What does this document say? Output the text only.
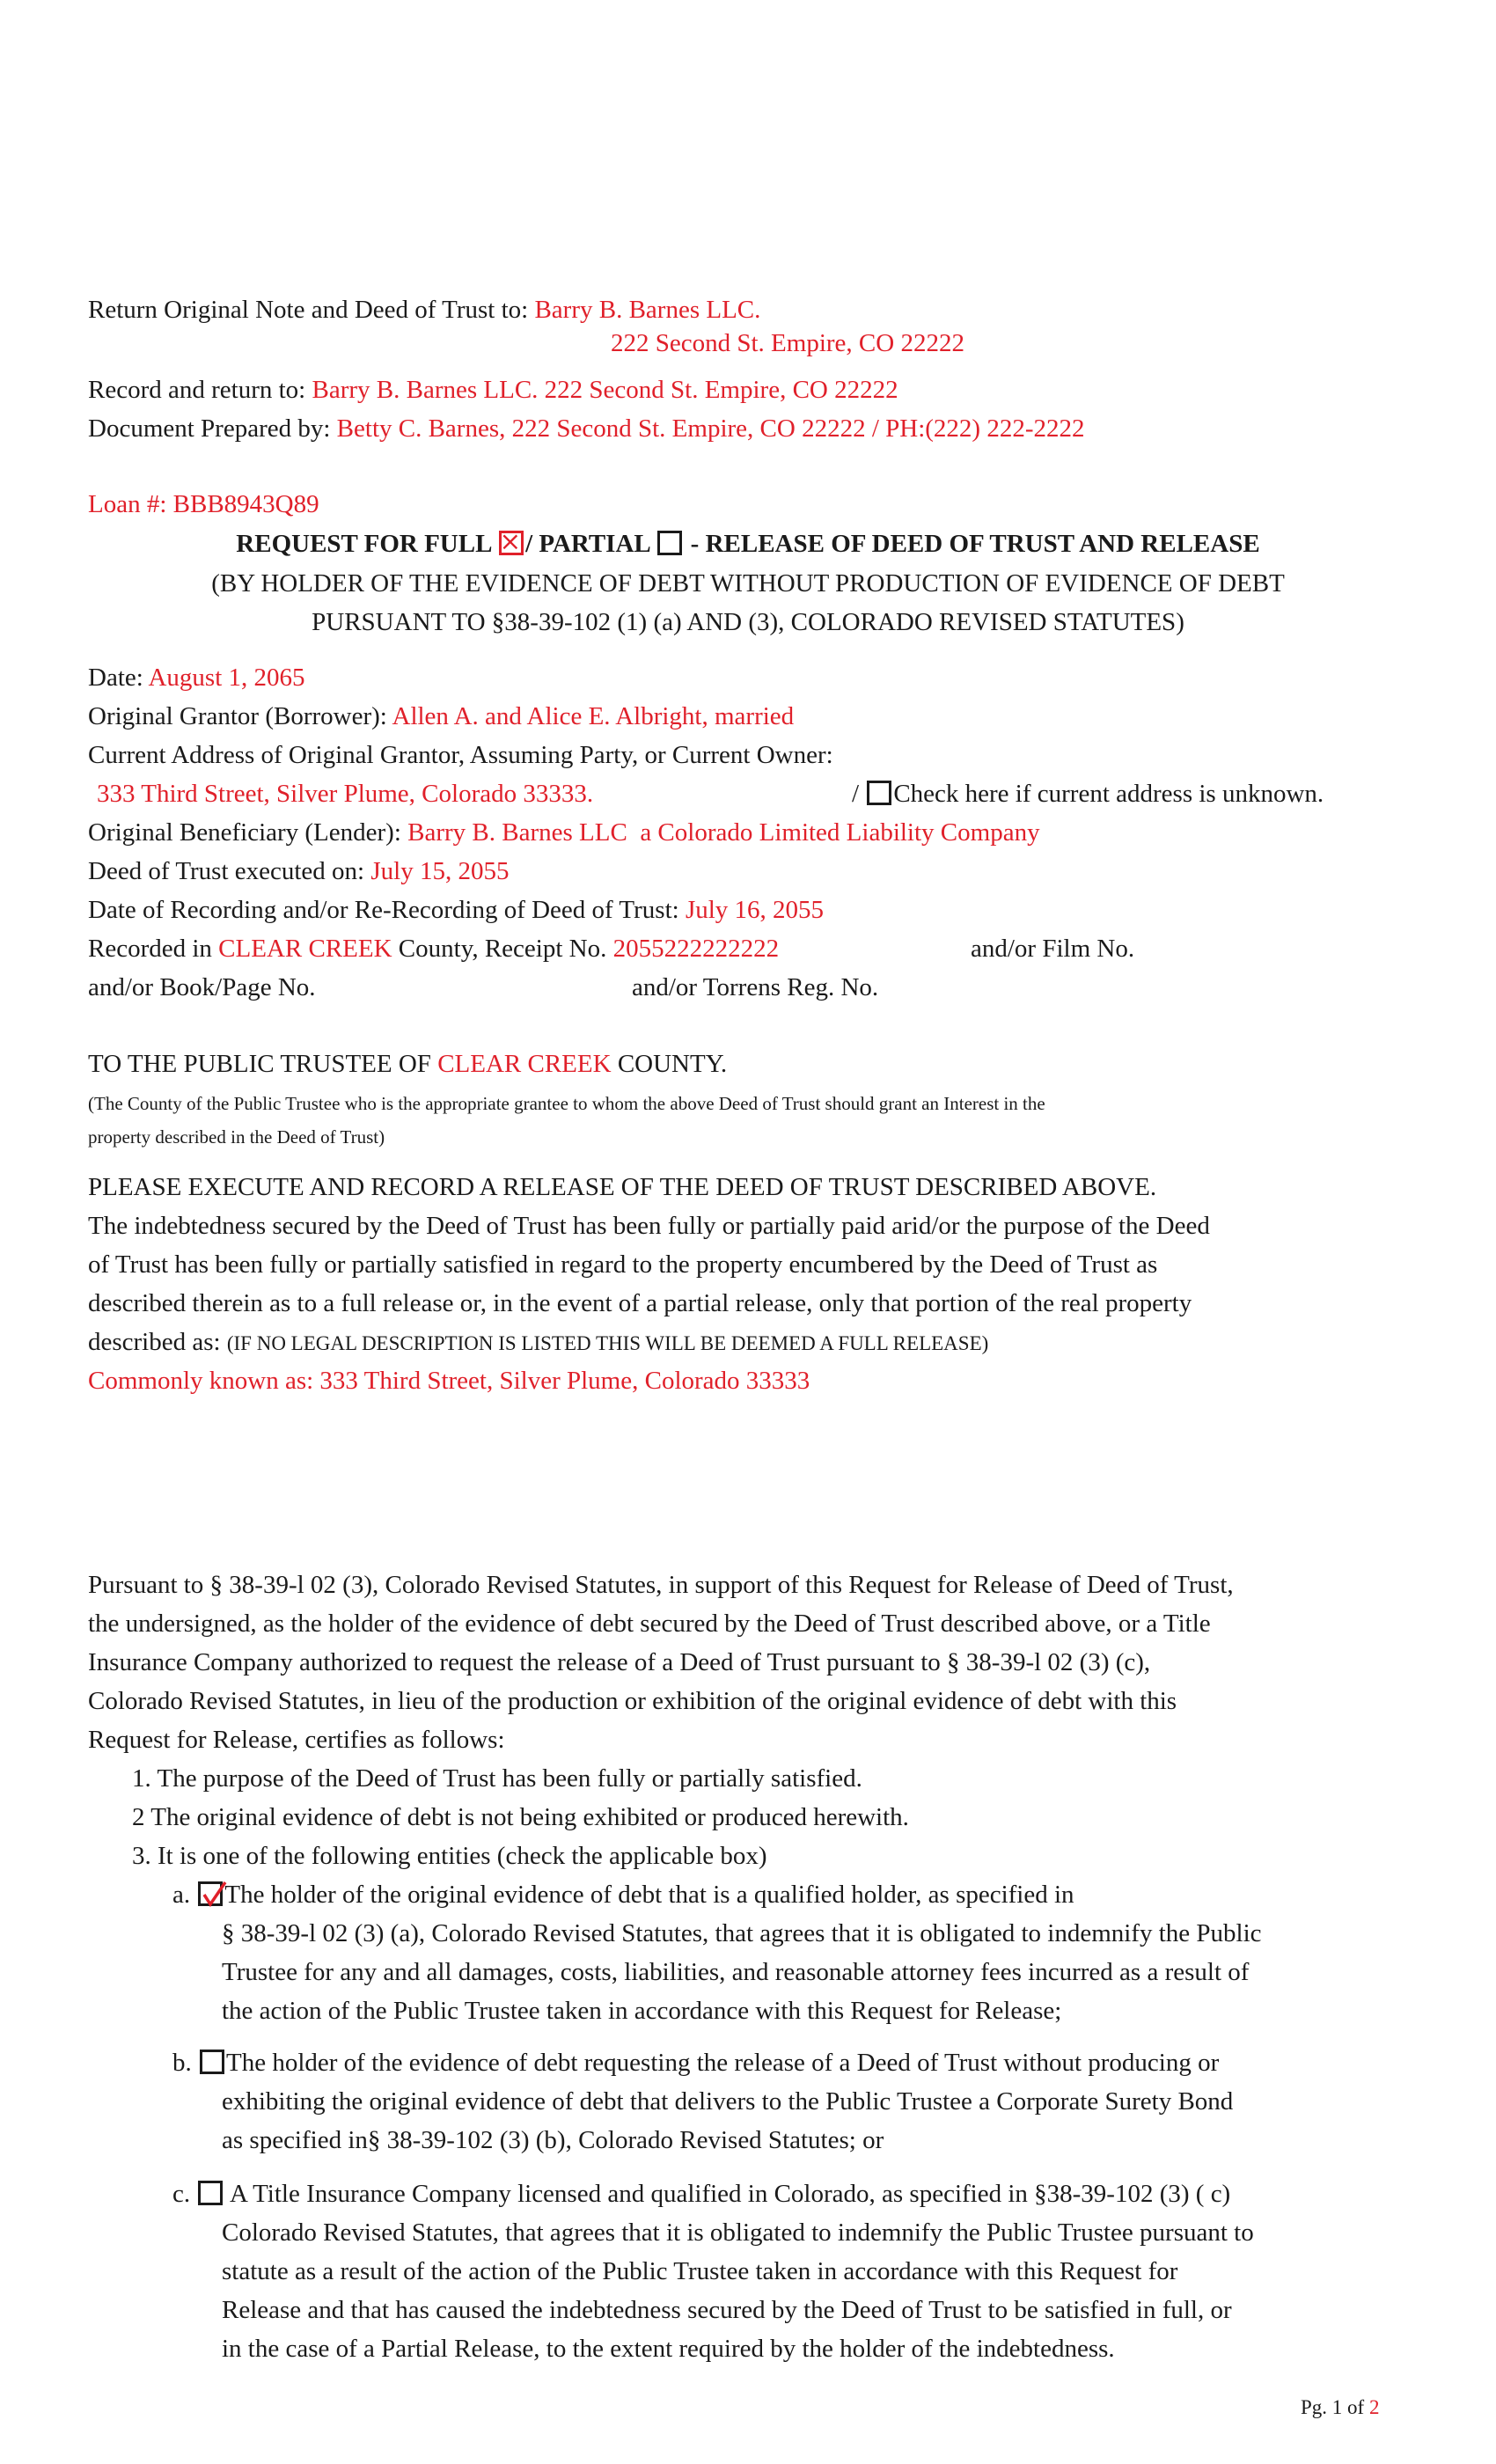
Return Original Note and Deed of Trust to: Barry B. Barnes LLC.
222 Second St. Empire, CO 22222
Record and return to: Barry B. Barnes LLC. 222 Second St. Empire, CO 22222
Document Prepared by: Betty C. Barnes, 222 Second St. Empire, CO 22222 / PH:(222) 222-2222
Loan #: BBB8943Q89
REQUEST FOR FULL / PARTIAL - RELEASE OF DEED OF TRUST AND RELEASE
(BY HOLDER OF THE EVIDENCE OF DEBT WITHOUT PRODUCTION OF EVIDENCE OF DEBT
PURSUANT TO §38-39-102 (1) (a) AND (3), COLORADO REVISED STATUTES)
Date: August 1, 2065
Original Grantor (Borrower): Allen A. and Alice E. Albright, married
Current Address of Original Grantor, Assuming Party, or Current Owner:
333 Third Street, Silver Plume, Colorado 33333.	/ Check here if current address is unknown.
Original Beneficiary (Lender): Barry B. Barnes LLC  a Colorado Limited Liability Company
Deed of Trust executed on: July 15, 2055
Date of Recording and/or Re-Recording of Deed of Trust: July 16, 2055
Recorded in CLEAR CREEK County, Receipt No. 2055222222222	and/or Film No.
and/or Book/Page No.	and/or Torrens Reg. No.
TO THE PUBLIC TRUSTEE OF CLEAR CREEK COUNTY.
(The County of the Public Trustee who is the appropriate grantee to whom the above Deed of Trust should grant an Interest in the
property described in the Deed of Trust)
PLEASE EXECUTE AND RECORD A RELEASE OF THE DEED OF TRUST DESCRIBED ABOVE.
The indebtedness secured by the Deed of Trust has been fully or partially paid arid/or the purpose of the Deed
of Trust has been fully or partially satisfied in regard to the property encumbered by the Deed of Trust as
described therein as to a full release or, in the event of a partial release, only that portion of the real property
described as: (IF NO LEGAL DESCRIPTION IS LISTED THIS WILL BE DEEMED A FULL RELEASE)
Commonly known as: 333 Third Street, Silver Plume, Colorado 33333
Pursuant to § 38-39-l 02 (3), Colorado Revised Statutes, in support of this Request for Release of Deed of Trust,
the undersigned, as the holder of the evidence of debt secured by the Deed of Trust described above, or a Title
Insurance Company authorized to request the release of a Deed of Trust pursuant to § 38-39-l 02 (3) (c),
Colorado Revised Statutes, in lieu of the production or exhibition of the original evidence of debt with this
Request for Release, certifies as follows:
1. The purpose of the Deed of Trust has been fully or partially satisfied.
2 The original evidence of debt is not being exhibited or produced herewith.
3. It is one of the following entities (check the applicable box)
a. The holder of the original evidence of debt that is a qualified holder, as specified in
§ 38-39-l 02 (3) (a), Colorado Revised Statutes, that agrees that it is obligated to indemnify the Public
Trustee for any and all damages, costs, liabilities, and reasonable attorney fees incurred as a result of
the action of the Public Trustee taken in accordance with this Request for Release;
b. The holder of the evidence of debt requesting the release of a Deed of Trust without producing or
exhibiting the original evidence of debt that delivers to the Public Trustee a Corporate Surety Bond
as specified in§ 38-39-102 (3) (b), Colorado Revised Statutes; or
c. A Title Insurance Company licensed and qualified in Colorado, as specified in §38-39-102 (3) ( c)
Colorado Revised Statutes, that agrees that it is obligated to indemnify the Public Trustee pursuant to
statute as a result of the action of the Public Trustee taken in accordance with this Request for
Release and that has caused the indebtedness secured by the Deed of Trust to be satisfied in full, or
in the case of a Partial Release, to the extent required by the holder of the indebtedness.
Pg. 1 of 2
